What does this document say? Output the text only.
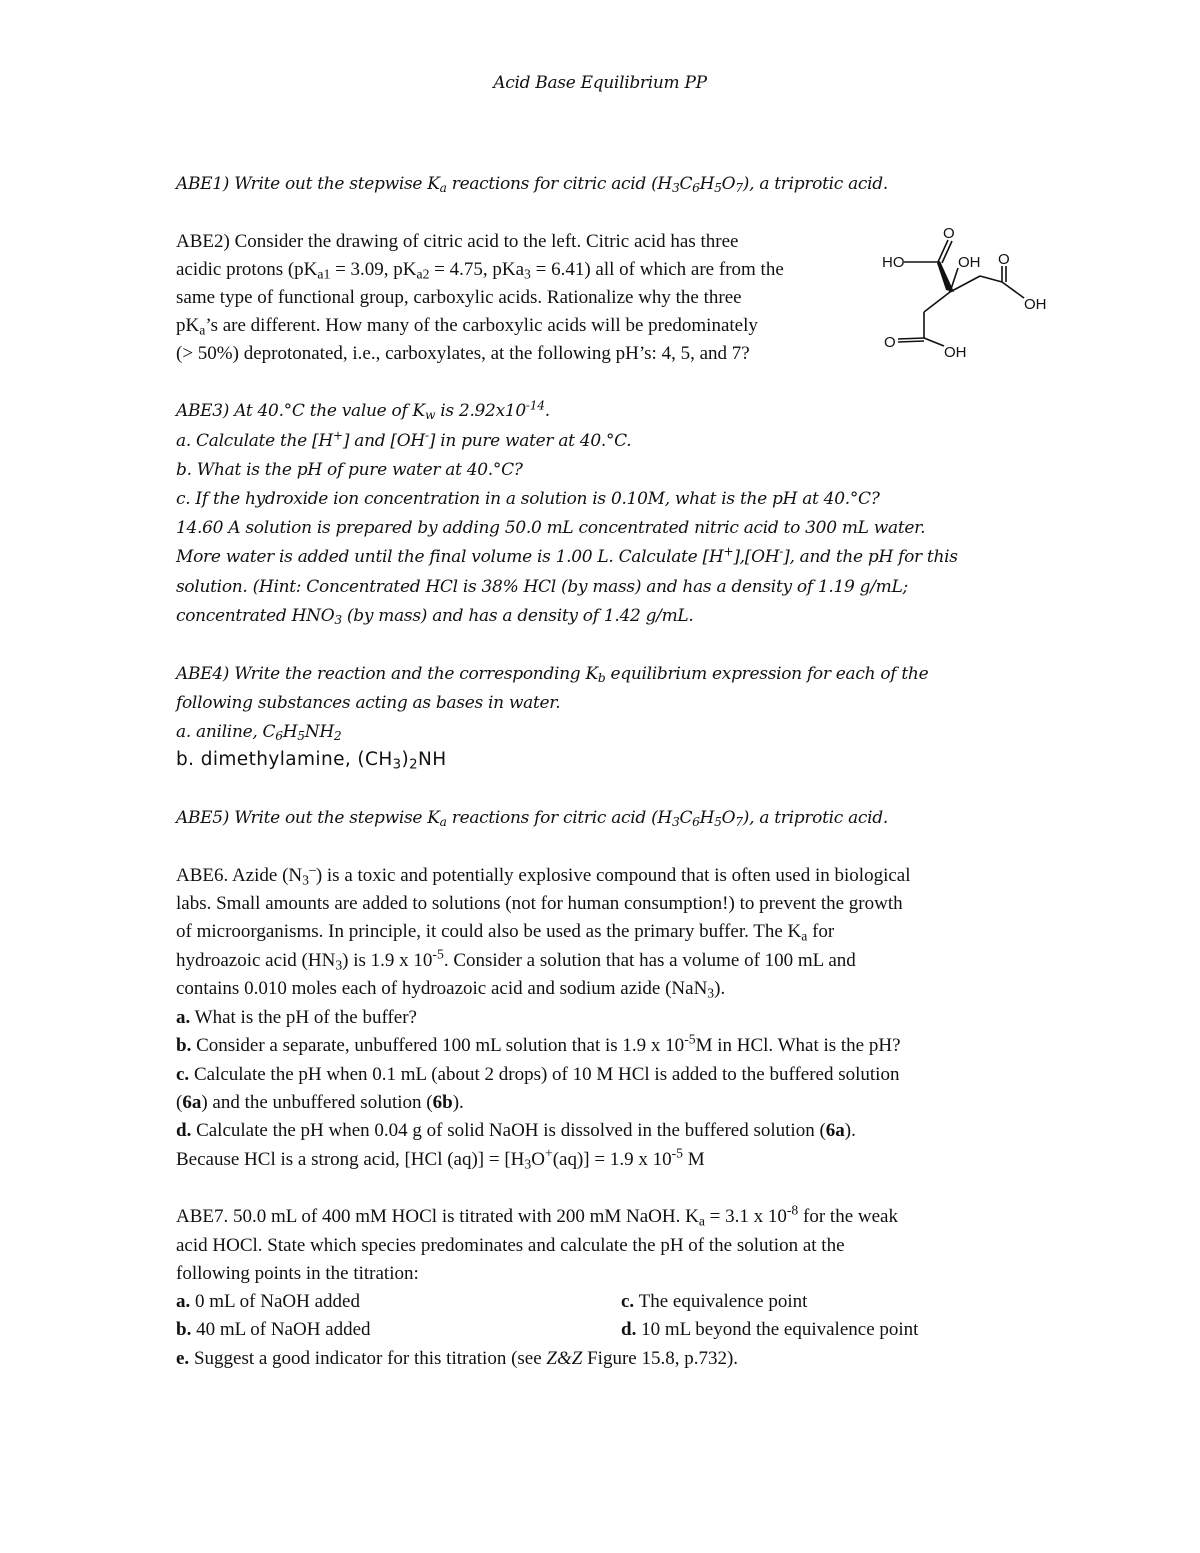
Acid Base Equilibrium PP
ABE1) Write out the stepwise $K_a$ reactions for citric acid $(H_3C_6H_5O_7)$, a triprotic acid.
ABE2) Consider the drawing of citric acid to the left. Citric acid has three
acidic protons ($pK_{a1} = 3.09$, $pK_{a2} = 4.75$, pKa$_3$ = 6.41) all of which are from the
same type of functional group, carboxylic acids. Rationalize why the three
$pK_a’s$ are different. How many of the carboxylic acids will be predominately
(> 50%) deprotonated, i.e., carboxylates, at the following pH’s: 4, 5, and 7?
HO
O
OH O
OH
O
OH
ABE3) At 40.°C the value of $K_w$ is $2.92x10^{-14}$.
a. Calculate the [H+] and [OH-] in pure water at 40.°C.
b. What is the pH of pure water at 40.°C?
c. If the hydroxide ion concentration in a solution is 0.10M, what is the pH at 40.°C?
14.60 A solution is prepared by adding 50.0 mL concentrated nitric acid to 300 mL water.
More water is added until the final volume is 1.00 L. Calculate [H+],[OH-], and the pH for this
solution. (Hint: Concentrated HCl is 38% HCl (by mass) and has a density of 1.19 g/mL;
concentrated $HNO_3$ (by mass) and has a density of 1.42 g/mL.
ABE4) Write the reaction and the corresponding $K_b$ equilibrium expression for each of the
following substances acting as bases in water.
a. aniline, $C_6H_5NH_2$
b. dimethylamine, $(CH_3)_2NH$
ABE5) Write out the stepwise $K_a$ reactions for citric acid $(H_3C_6H_5O_7)$, a triprotic acid.
ABE6. Azide $(N_3^-)$ is a toxic and potentially explosive compound that is often used in biological
labs. Small amounts are added to solutions (not for human consumption!) to prevent the growth
of microorganisms. In principle, it could also be used as the primary buffer. The $K_a$ for
hydroazoic acid $(HN_3)$ is 1.9 x $10^{-5}$. Consider a solution that has a volume of 100 mL and
contains 0.010 moles each of hydroazoic acid and sodium azide (NaN$_3$).
a. What is the pH of the buffer?
b. Consider a separate, unbuffered 100 mL solution that is 1.9 x $10^{-5}M$ in HCl. What is the pH?
c. Calculate the pH when 0.1 mL (about 2 drops) of 10 M HCl is added to the buffered solution
(6a) and the unbuffered solution (6b).
d. Calculate the pH when 0.04 g of solid NaOH is dissolved in the buffered solution (6a).
Because HCl is a strong acid, [HCl $(aq)] = [H_3O^+(aq)] = 1.9$ x $10^{-5}$ M
ABE7. 50.0 mL of 400 mM HOCl is titrated with 200 mM NaOH. $K_a = 3.1$ x $10^{-8}$ for the weak
acid HOCl. State which species predominates and calculate the pH of the solution at the
following points in the titration:
a. 0 mL of NaOH added	c. The equivalence point
b. 40 mL of NaOH added	d. 10 mL beyond the equivalence point
e. Suggest a good indicator for this titration (see Z&Z Figure 15.8, p.732).
